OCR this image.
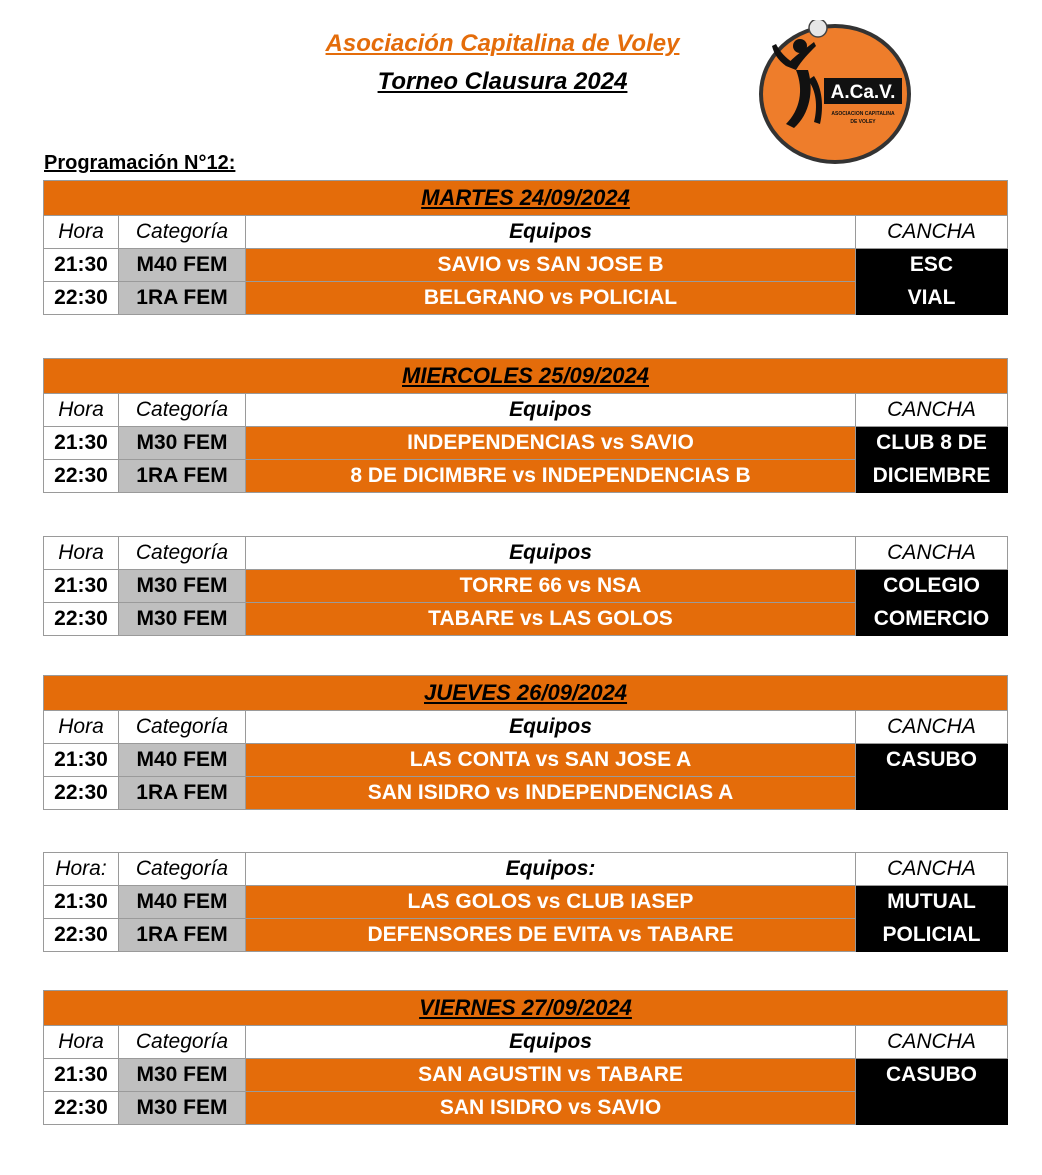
Asociación Capitalina de Voley
Torneo Clausura 2024	A.Ca.V.
ASOCIACION CAPITALINA
DE VOLEY
Programación N°12:
MARTES 24/09/2024			
Hora	Categoría	Equipos	CANCHA
21:30	M40 FEM	SAVIO vs SAN JOSE B	ESC
22:30	1RA FEM	BELGRANO vs POLICIAL	VIAL
MIERCOLES 25/09/2024			
Hora	Categoría	Equipos	CANCHA
21:30	M30 FEM	INDEPENDENCIAS vs SAVIO	CLUB 8 DE
22:30	1RA FEM	8 DE DICIMBRE vs INDEPENDENCIAS B	DICIEMBRE
Hora	Categoría	Equipos	CANCHA
21:30	M30 FEM	TORRE 66 vs NSA	COLEGIO
22:30	M30 FEM	TABARE vs LAS GOLOS	COMERCIO
JUEVES 26/09/2024			
Hora	Categoría	Equipos	CANCHA
21:30	M40 FEM	LAS CONTA vs SAN JOSE A	CASUBO
22:30	1RA FEM	SAN ISIDRO vs INDEPENDENCIAS A	
Hora:	Categoría	Equipos:	CANCHA
21:30	M40 FEM	LAS GOLOS vs CLUB IASEP	MUTUAL
22:30	1RA FEM	DEFENSORES DE EVITA vs TABARE	POLICIAL
VIERNES 27/09/2024			
Hora	Categoría	Equipos	CANCHA
21:30	M30 FEM	SAN AGUSTIN vs TABARE	CASUBO
22:30	M30 FEM	SAN ISIDRO vs SAVIO	
